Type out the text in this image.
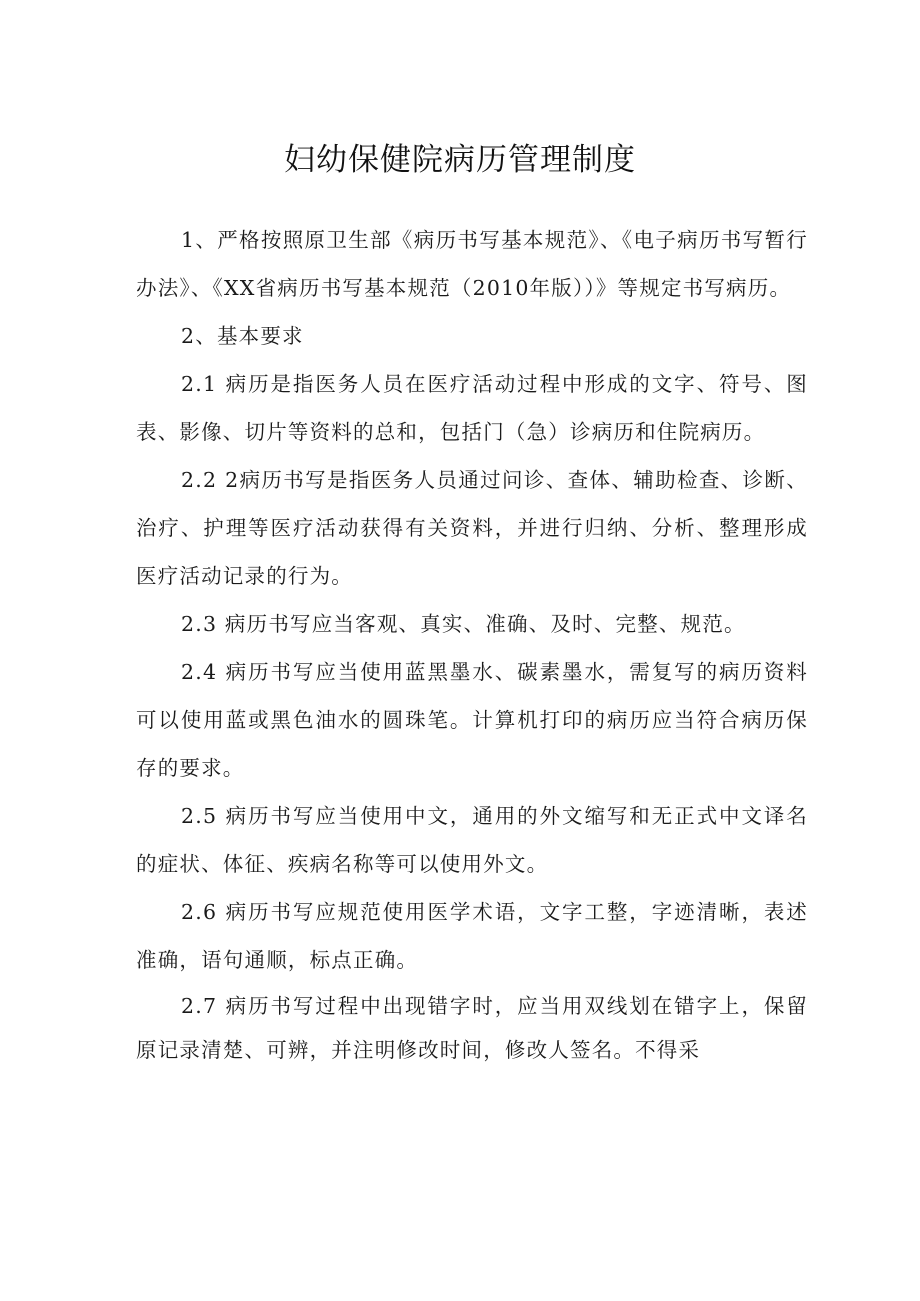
妇幼保健院病历管理制度

1、严格按照原卫生部《病历书写基本规范》、《电子病历书写暂行办法》、《XX省病历书写基本规范（2010年版））》等规定书写病历。

2、基本要求

2.1 病历是指医务人员在医疗活动过程中形成的文字、符号、图表、影像、切片等资料的总和，包括门（急）诊病历和住院病历。

2.2 2病历书写是指医务人员通过问诊、查体、辅助检查、诊断、治疗、护理等医疗活动获得有关资料，并进行归纳、分析、整理形成医疗活动记录的行为。

2.3 病历书写应当客观、真实、准确、及时、完整、规范。

2.4 病历书写应当使用蓝黑墨水、碳素墨水，需复写的病历资料可以使用蓝或黑色油水的圆珠笔。计算机打印的病历应当符合病历保存的要求。

2.5 病历书写应当使用中文，通用的外文缩写和无正式中文译名的症状、体征、疾病名称等可以使用外文。

2.6 病历书写应规范使用医学术语，文字工整，字迹清晰，表述准确，语句通顺，标点正确。

2.7 病历书写过程中出现错字时，应当用双线划在错字上，保留原记录清楚、可辨，并注明修改时间，修改人签名。不得采
